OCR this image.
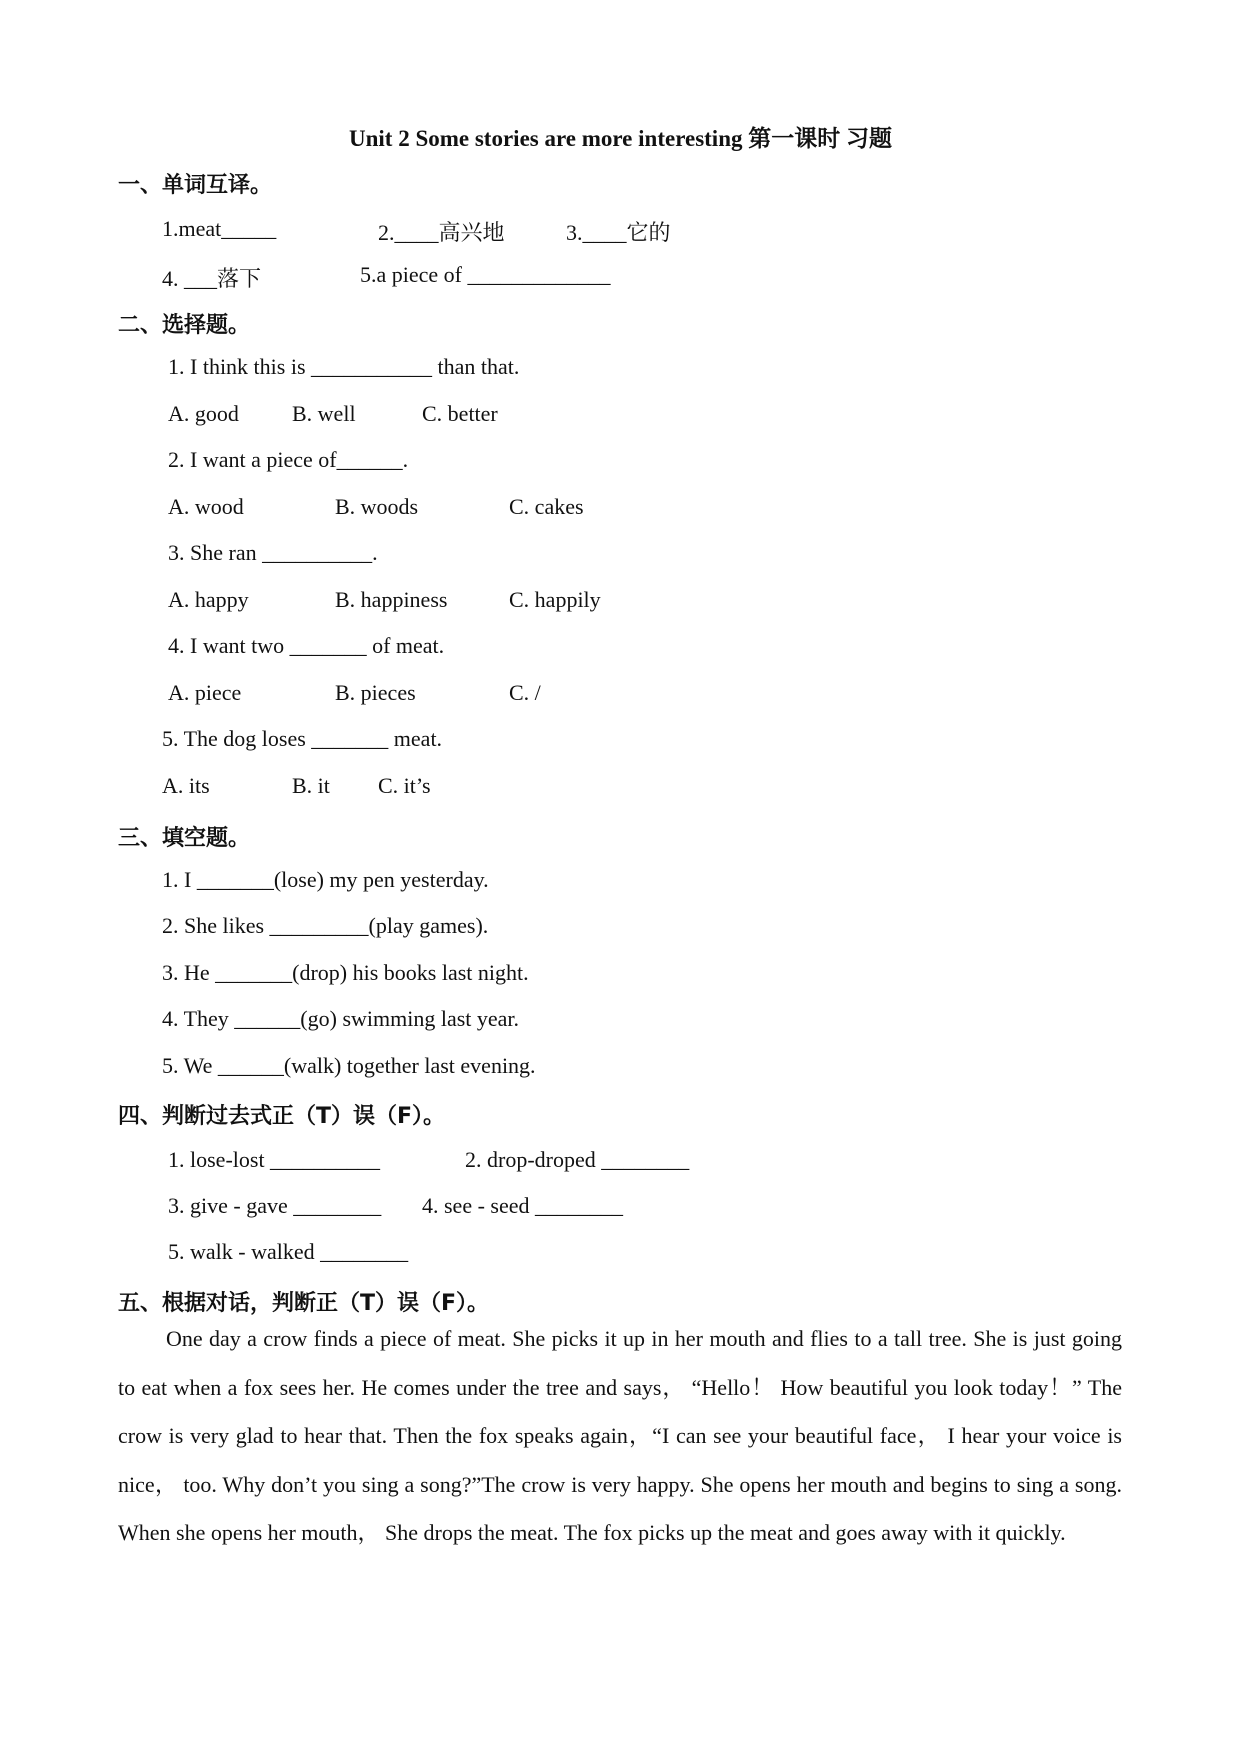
Unit 2 Some stories are more interesting 第一课时 习题
一、单词互译。
1.meat_____	2.____高兴地	3.____它的
4. ___落下	5.a piece of _____________
二、选择题。
1. I think this is ___________ than that.
A. good B. well	C. better
2. I want a piece of______.
A. wood	B. woods	C. cakes
3. She ran __________.
A. happy	B. happiness	C. happily
4. I want two _______ of meat.
A. piece	B. pieces	C. /
5. The dog loses _______ meat.
A. its	B. it C. it’s
三、填空题。
1. I _______(lose) my pen yesterday.
2. She likes _________(play games).
3. He _______(drop) his books last night.
4. They ______(go) swimming last year.
5. We ______(walk) together last evening.
四、判断过去式正（T）误（F）。
1. lose-lost __________	2. drop-droped ________
3. give - gave ________ 4. see - seed ________
5. walk - walked ________
五、根据对话，判断正（T）误（F）。
One day a crow finds a piece of meat. She picks it up in her mouth and flies to a tall tree. She is just going to eat when a fox sees her. He comes under the tree and says， “Hello！ How beautiful you look today！” The crow is very glad to hear that. Then the fox speaks again，“I can see your beautiful face， I hear your voice is nice， too. Why don’t you sing a song?”The crow is very happy. She opens her mouth and begins to sing a song. When she opens her mouth， She drops the meat. The fox picks up the meat and goes away with it quickly.
